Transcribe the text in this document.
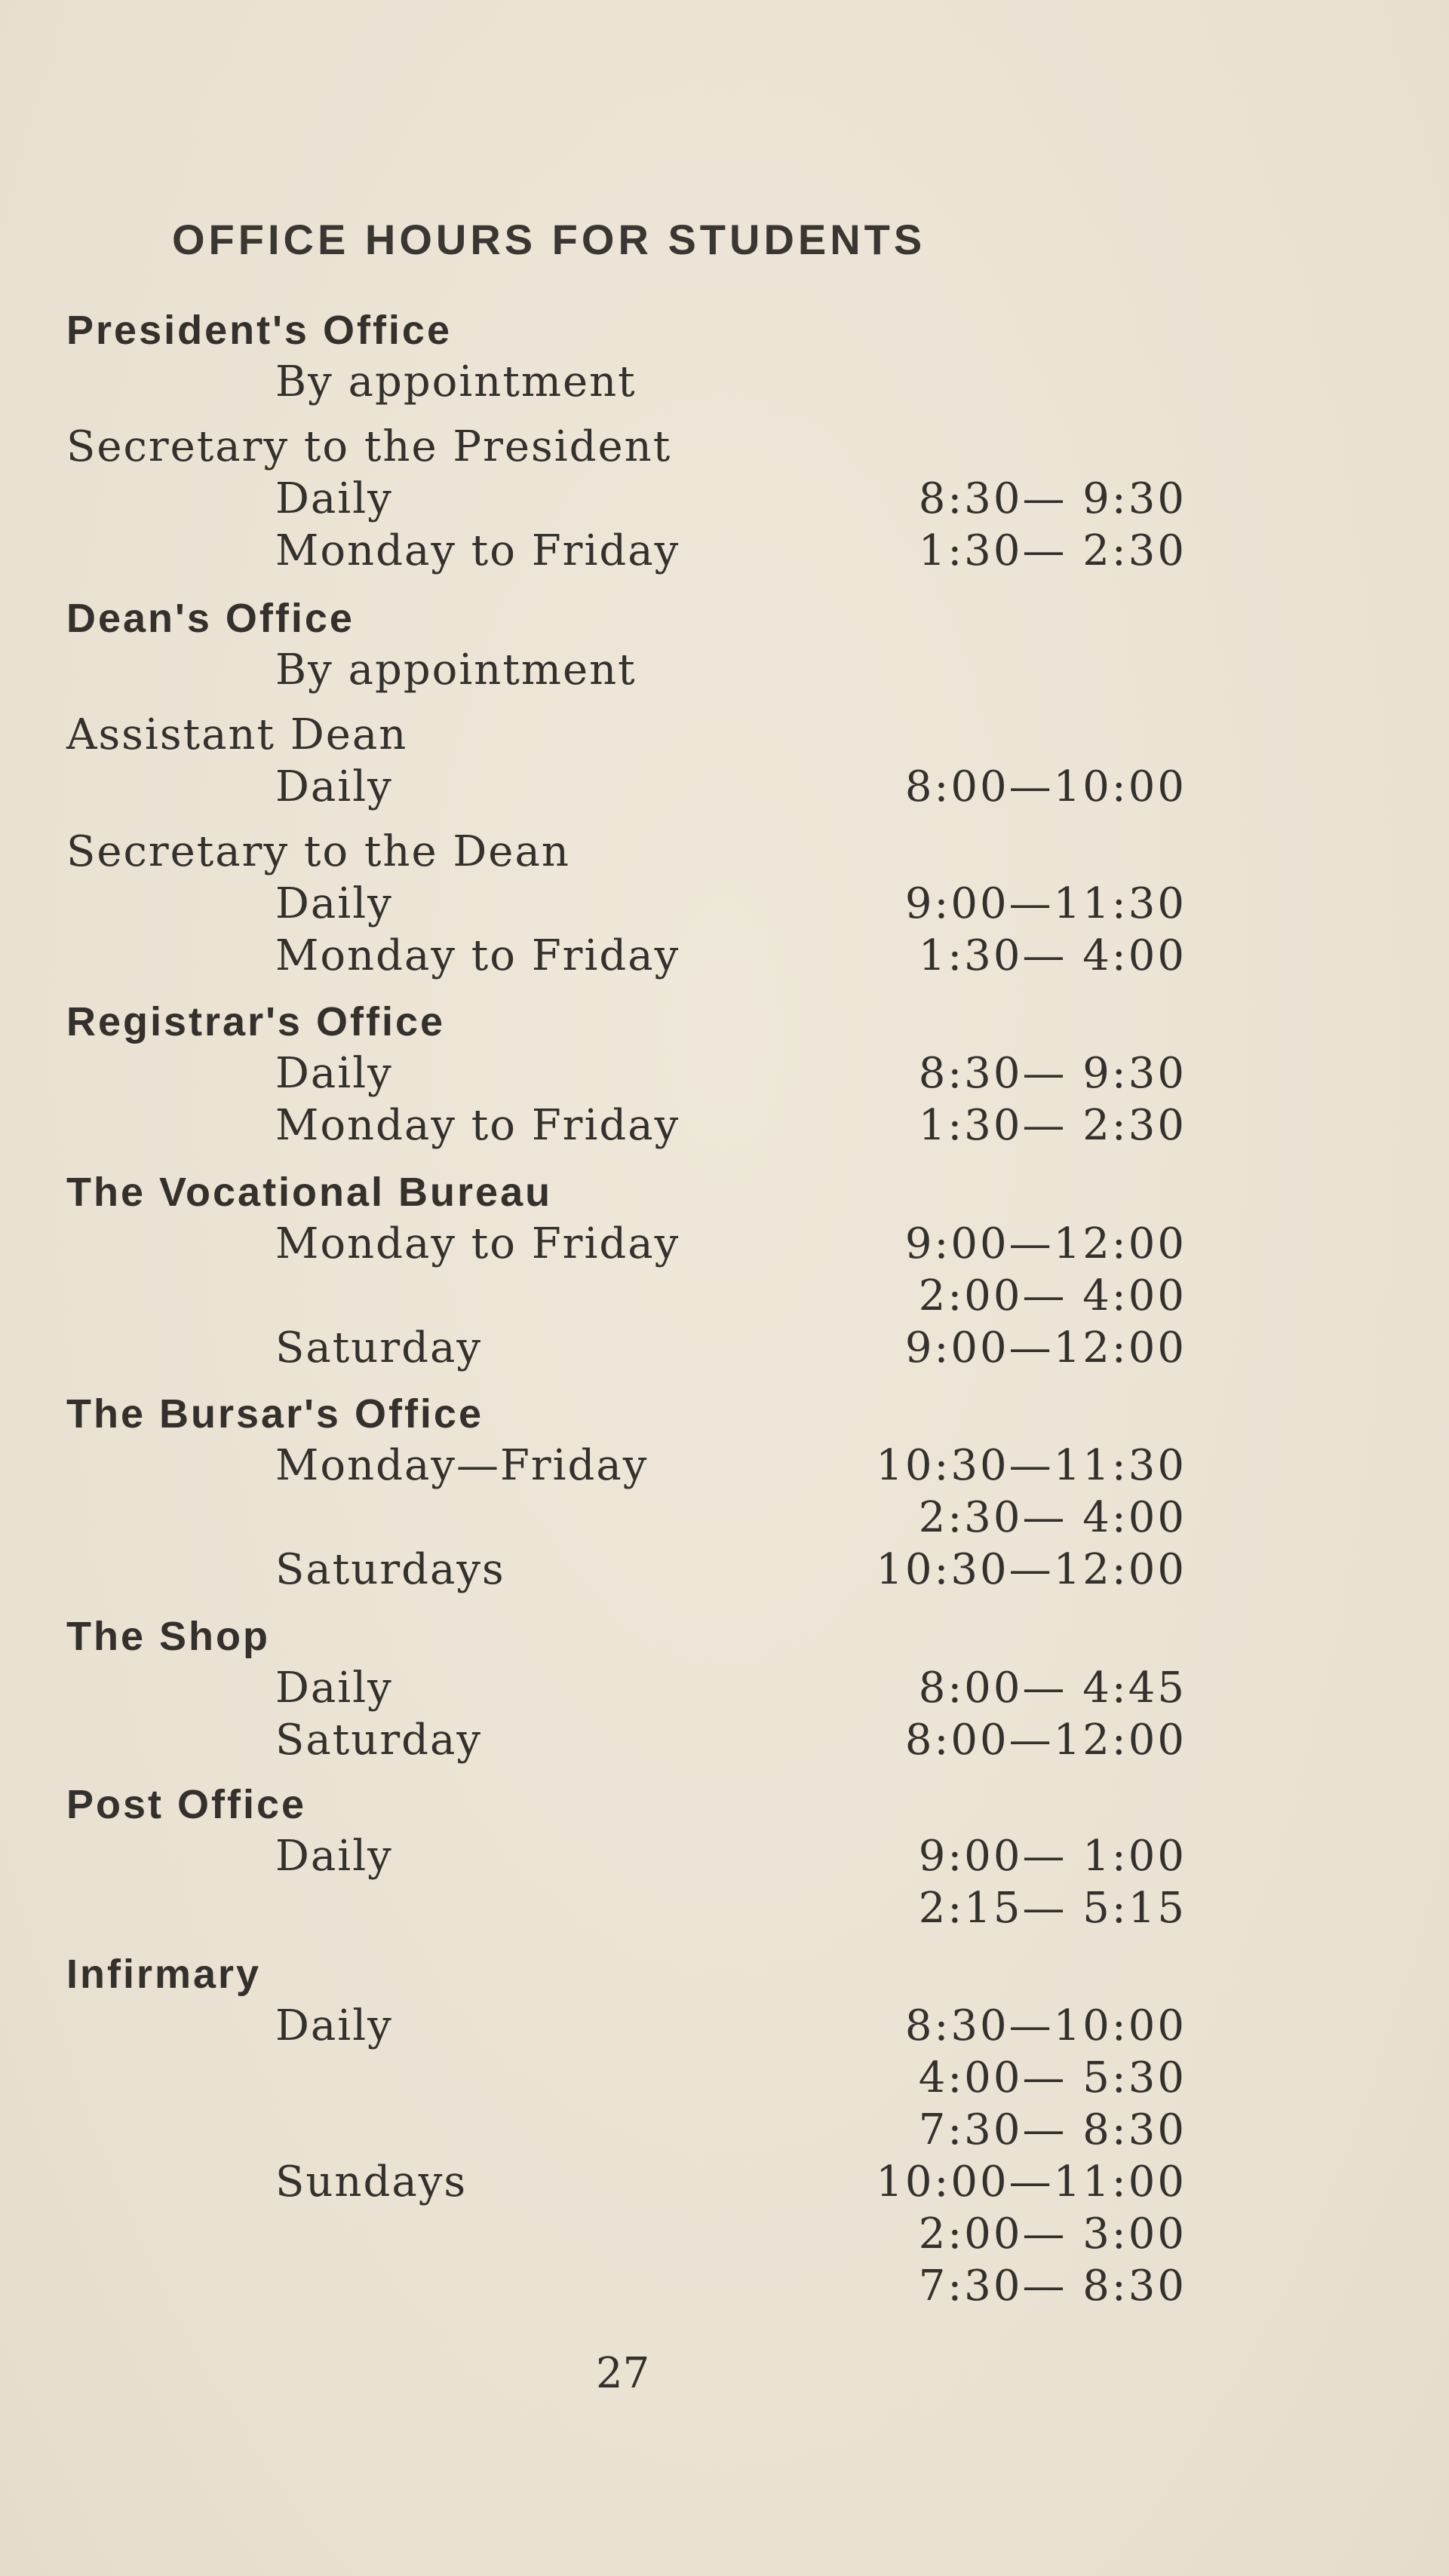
OFFICE HOURS FOR STUDENTS
President's Office
By appointment
Secretary to the President
Daily	8:30— 9:30
Monday to Friday	1:30— 2:30
Dean's Office
By appointment
Assistant Dean
Daily	8:00—10:00
Secretary to the Dean
Daily	9:00—11:30
Monday to Friday	1:30— 4:00
Registrar's Office
Daily	8:30— 9:30
Monday to Friday	1:30— 2:30
The Vocational Bureau
Monday to Friday	9:00—12:00
2:00— 4:00
Saturday	9:00—12:00
The Bursar's Office
Monday—Friday	10:30—11:30
2:30— 4:00
Saturdays	10:30—12:00
The Shop
Daily	8:00— 4:45
Saturday	8:00—12:00
Post Office
Daily	9:00— 1:00
2:15— 5:15
Infirmary
Daily	8:30—10:00
4:00— 5:30
7:30— 8:30
Sundays	10:00—11:00
2:00— 3:00
7:30— 8:30
27
